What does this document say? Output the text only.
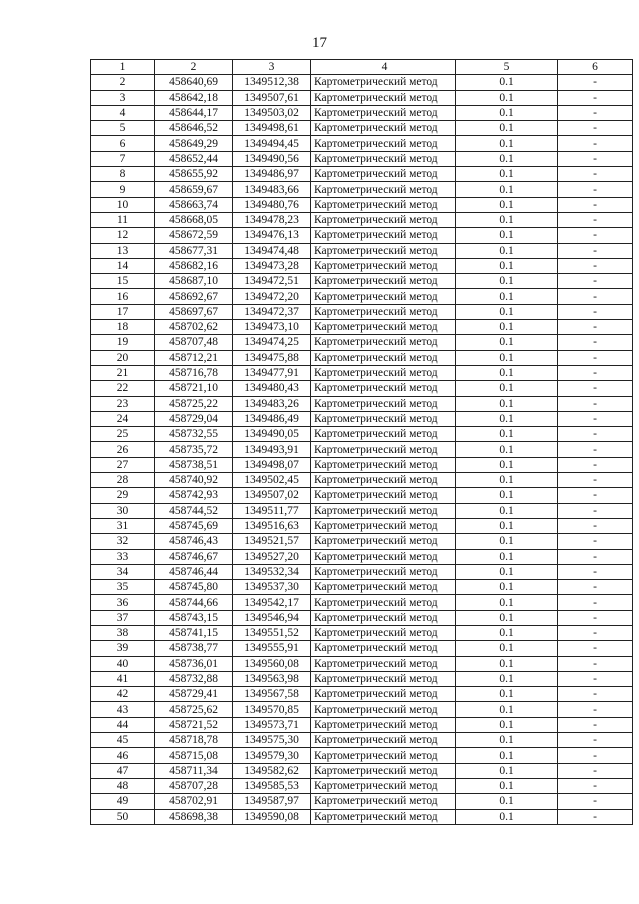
17
1	2	3	4	5	6
2	458640,69	1349512,38	Картометрический метод	0.1	-
3	458642,18	1349507,61	Картометрический метод	0.1	-
4	458644,17	1349503,02	Картометрический метод	0.1	-
5	458646,52	1349498,61	Картометрический метод	0.1	-
6	458649,29	1349494,45	Картометрический метод	0.1	-
7	458652,44	1349490,56	Картометрический метод	0.1	-
8	458655,92	1349486,97	Картометрический метод	0.1	-
9	458659,67	1349483,66	Картометрический метод	0.1	-
10	458663,74	1349480,76	Картометрический метод	0.1	-
11	458668,05	1349478,23	Картометрический метод	0.1	-
12	458672,59	1349476,13	Картометрический метод	0.1	-
13	458677,31	1349474,48	Картометрический метод	0.1	-
14	458682,16	1349473,28	Картометрический метод	0.1	-
15	458687,10	1349472,51	Картометрический метод	0.1	-
16	458692,67	1349472,20	Картометрический метод	0.1	-
17	458697,67	1349472,37	Картометрический метод	0.1	-
18	458702,62	1349473,10	Картометрический метод	0.1	-
19	458707,48	1349474,25	Картометрический метод	0.1	-
20	458712,21	1349475,88	Картометрический метод	0.1	-
21	458716,78	1349477,91	Картометрический метод	0.1	-
22	458721,10	1349480,43	Картометрический метод	0.1	-
23	458725,22	1349483,26	Картометрический метод	0.1	-
24	458729,04	1349486,49	Картометрический метод	0.1	-
25	458732,55	1349490,05	Картометрический метод	0.1	-
26	458735,72	1349493,91	Картометрический метод	0.1	-
27	458738,51	1349498,07	Картометрический метод	0.1	-
28	458740,92	1349502,45	Картометрический метод	0.1	-
29	458742,93	1349507,02	Картометрический метод	0.1	-
30	458744,52	1349511,77	Картометрический метод	0.1	-
31	458745,69	1349516,63	Картометрический метод	0.1	-
32	458746,43	1349521,57	Картометрический метод	0.1	-
33	458746,67	1349527,20	Картометрический метод	0.1	-
34	458746,44	1349532,34	Картометрический метод	0.1	-
35	458745,80	1349537,30	Картометрический метод	0.1	-
36	458744,66	1349542,17	Картометрический метод	0.1	-
37	458743,15	1349546,94	Картометрический метод	0.1	-
38	458741,15	1349551,52	Картометрический метод	0.1	-
39	458738,77	1349555,91	Картометрический метод	0.1	-
40	458736,01	1349560,08	Картометрический метод	0.1	-
41	458732,88	1349563,98	Картометрический метод	0.1	-
42	458729,41	1349567,58	Картометрический метод	0.1	-
43	458725,62	1349570,85	Картометрический метод	0.1	-
44	458721,52	1349573,71	Картометрический метод	0.1	-
45	458718,78	1349575,30	Картометрический метод	0.1	-
46	458715,08	1349579,30	Картометрический метод	0.1	-
47	458711,34	1349582,62	Картометрический метод	0.1	-
48	458707,28	1349585,53	Картометрический метод	0.1	-
49	458702,91	1349587,97	Картометрический метод	0.1	-
50	458698,38	1349590,08	Картометрический метод	0.1	-
